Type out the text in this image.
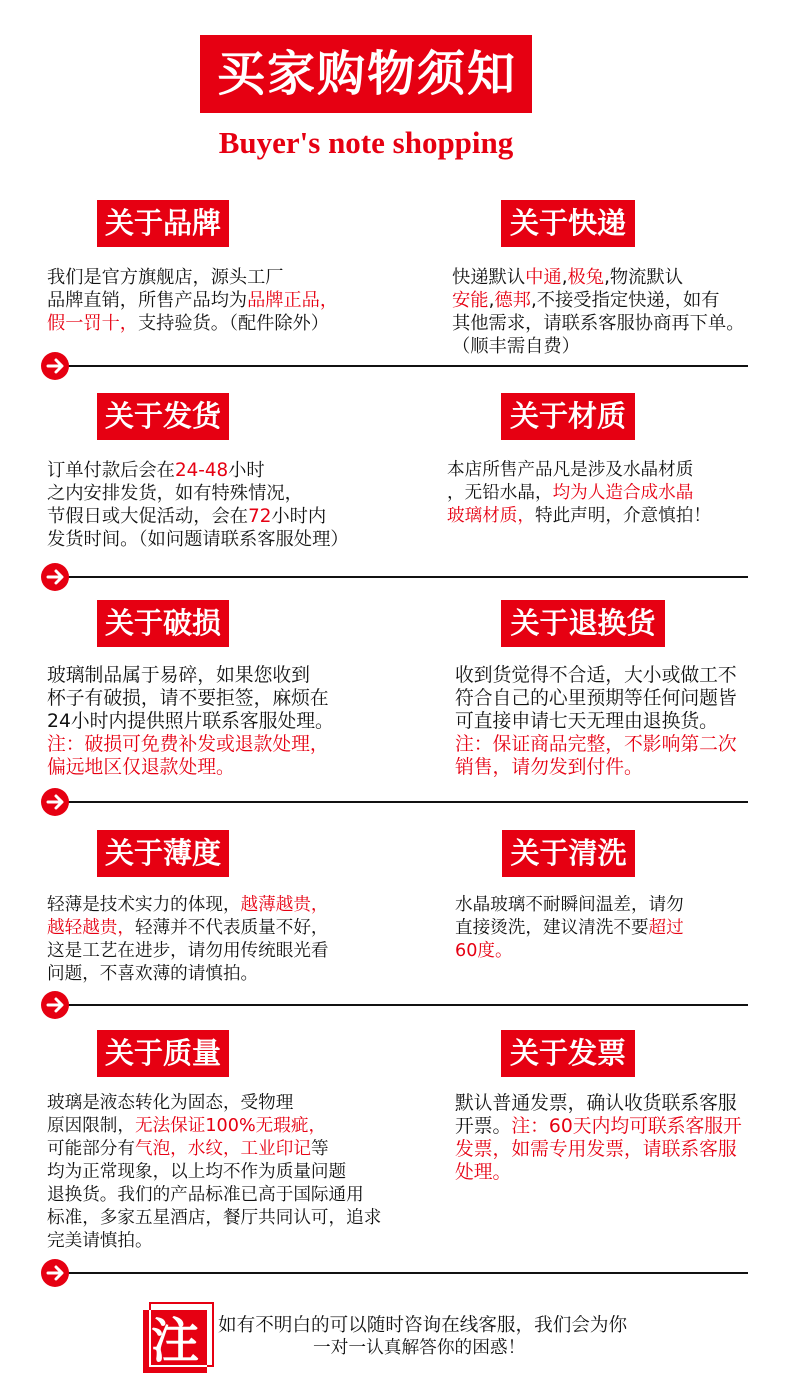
买家购物须知
Buyer's note shopping
关于品牌
我们是官方旗舰店，源头工厂
品牌直销，所售产品均为品牌正品，
假一罚十，支持验货。（配件除外）
关于快递
快递默认中通,极兔,物流默认
安能,德邦,不接受指定快递，如有
其他需求，请联系客服协商再下单。
（顺丰需自费）
关于发货
订单付款后会在24-48小时
之内安排发货，如有特殊情况，
节假日或大促活动，会在72小时内
发货时间。（如问题请联系客服处理）
关于材质
本店所售产品凡是涉及水晶材质
，无铅水晶，均为人造合成水晶
玻璃材质，特此声明，介意慎拍！
关于破损
玻璃制品属于易碎，如果您收到
杯子有破损，请不要拒签，麻烦在
24小时内提供照片联系客服处理。
注：破损可免费补发或退款处理，
偏远地区仅退款处理。
关于退换货
收到货觉得不合适，大小或做工不
符合自己的心里预期等任何问题皆
可直接申请七天无理由退换货。
注：保证商品完整，不影响第二次
销售，请勿发到付件。
关于薄度
轻薄是技术实力的体现，越薄越贵，
越轻越贵，轻薄并不代表质量不好，
这是工艺在进步，请勿用传统眼光看
问题，不喜欢薄的请慎拍。
关于清洗
水晶玻璃不耐瞬间温差，请勿
直接烫洗，建议清洗不要超过
60度。
关于质量
玻璃是液态转化为固态，受物理
原因限制，无法保证100%无瑕疵，
可能部分有气泡，水纹，工业印记等
均为正常现象，以上均不作为质量问题
退换货。我们的产品标准已高于国际通用
标准，多家五星酒店，餐厅共同认可，追求
完美请慎拍。
关于发票
默认普通发票，确认收货联系客服
开票。注：60天内均可联系客服开
发票，如需专用发票，请联系客服
处理。
注	如有不明白的可以随时咨询在线客服，我们会为你
一对一认真解答你的困惑！
